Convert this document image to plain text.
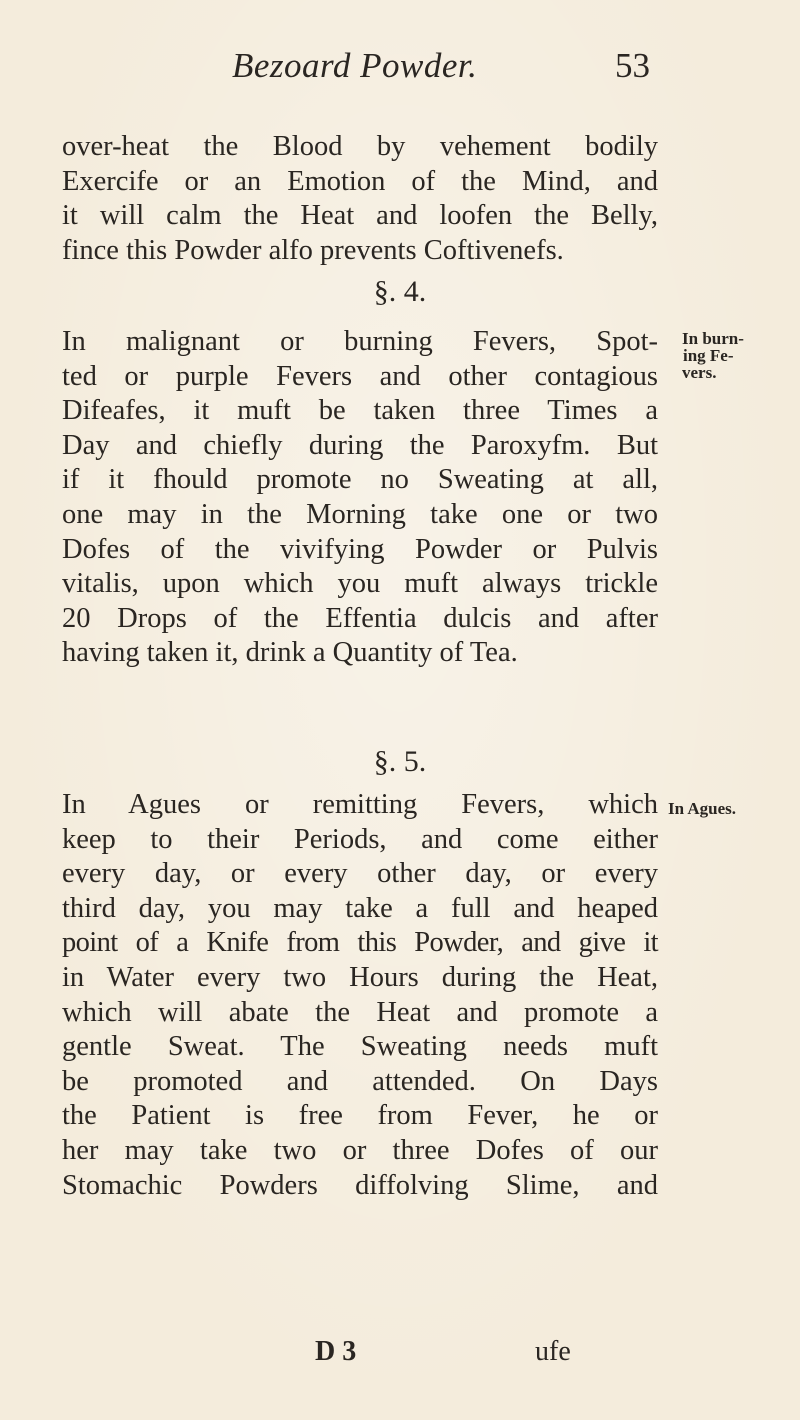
Bezoard Powder.	53
over-heat the Blood by vehement bodily
Exercife or an Emotion of the Mind, and
it will calm the Heat and loofen the Belly,
fince this Powder alfo prevents Coftivenefs.
§. 4.
In malignant or burning Fevers, Spot-
ted or purple Fevers and other contagious
Difeafes, it muft be taken three Times a
Day and chiefly during the Paroxyfm. But
if it fhould promote no Sweating at all,
one may in the Morning take one or two
Dofes of the vivifying Powder or Pulvis
vitalis, upon which you muft always trickle
20 Drops of the Effentia dulcis and after
having taken it, drink a Quantity of Tea.
In burn-
ing Fe-
vers.
§. 5.
In Agues or remitting Fevers, which
keep to their Periods, and come either
every day, or every other day, or every
third day, you may take a full and heaped
point of a Knife from this Powder, and give it
in Water every two Hours during the Heat,
which will abate the Heat and promote a
gentle Sweat. The Sweating needs muft
be promoted and attended. On Days
the Patient is free from Fever, he or
her may take two or three Dofes of our
Stomachic Powders diffolving Slime, and
In Agues.
D 3	ufe
